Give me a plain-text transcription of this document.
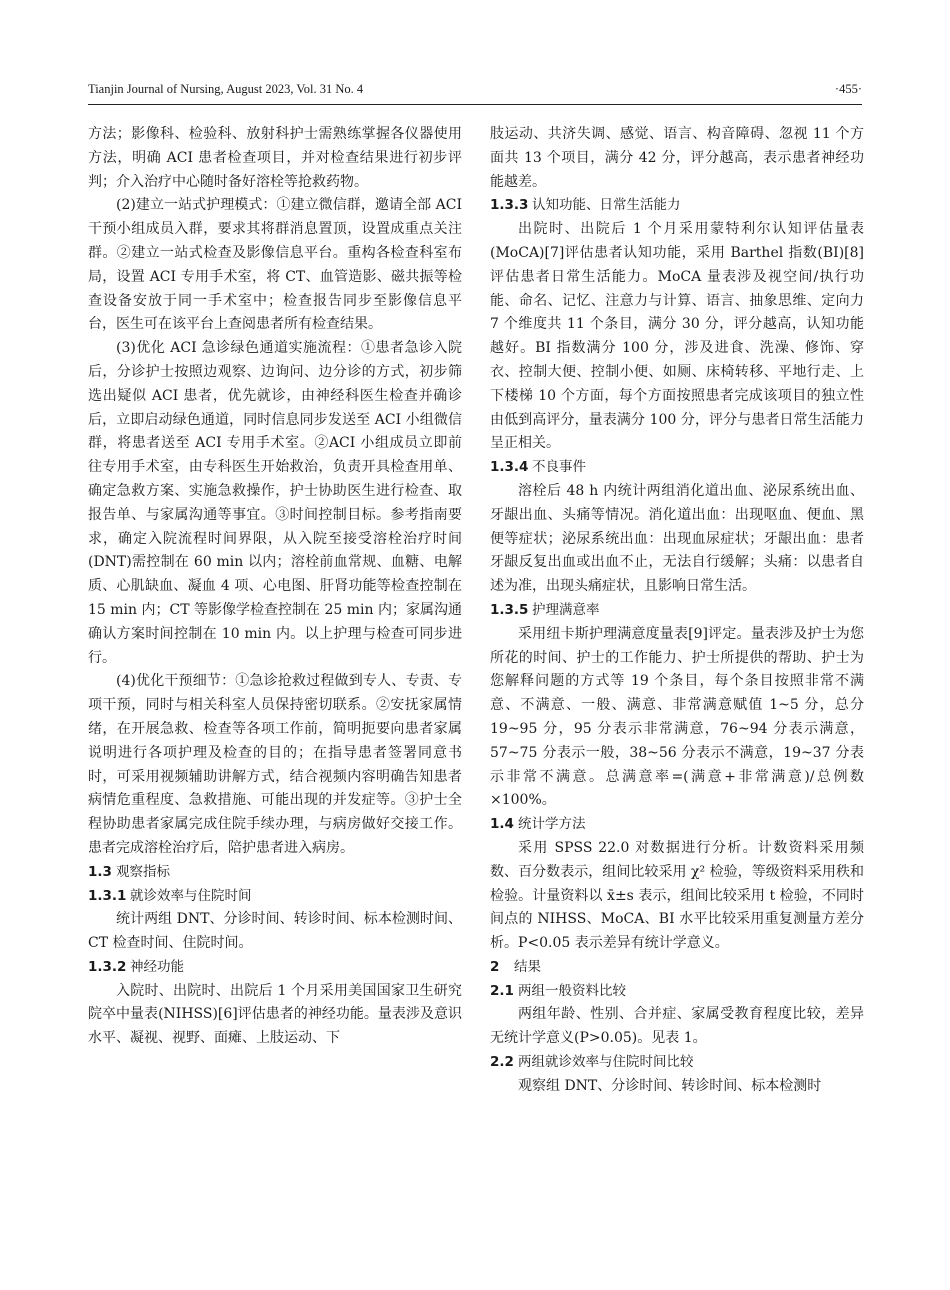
Tianjin Journal of Nursing, August 2023, Vol. 31 No. 4	·455·

方法；影像科、检验科、放射科护士需熟练掌握各仪器使用方法，明确 ACI 患者检查项目，并对检查结果进行初步评判；介入治疗中心随时备好溶栓等抢救药物。

(2)建立一站式护理模式：①建立微信群，邀请全部 ACI 干预小组成员入群，要求其将群消息置顶，设置成重点关注群。②建立一站式检查及影像信息平台。重构各检查科室布局，设置 ACI 专用手术室，将 CT、血管造影、磁共振等检查设备安放于同一手术室中；检查报告同步至影像信息平台，医生可在该平台上查阅患者所有检查结果。

(3)优化 ACI 急诊绿色通道实施流程：①患者急诊入院后，分诊护士按照边观察、边询问、边分诊的方式，初步筛选出疑似 ACI 患者，优先就诊，由神经科医生检查并确诊后，立即启动绿色通道，同时信息同步发送至 ACI 小组微信群，将患者送至 ACI 专用手术室。②ACI 小组成员立即前往专用手术室，由专科医生开始救治，负责开具检查用单、确定急救方案、实施急救操作，护士协助医生进行检查、取报告单、与家属沟通等事宜。③时间控制目标。参考指南要求，确定入院流程时间界限，从入院至接受溶栓治疗时间(DNT)需控制在 60 min 以内；溶栓前血常规、血糖、电解质、心肌缺血、凝血 4 项、心电图、肝肾功能等检查控制在 15 min 内；CT 等影像学检查控制在 25 min 内；家属沟通确认方案时间控制在 10 min 内。以上护理与检查可同步进行。

(4)优化干预细节：①急诊抢救过程做到专人、专责、专项干预，同时与相关科室人员保持密切联系。②安抚家属情绪，在开展急救、检查等各项工作前，简明扼要向患者家属说明进行各项护理及检查的目的；在指导患者签署同意书时，可采用视频辅助讲解方式，结合视频内容明确告知患者病情危重程度、急救措施、可能出现的并发症等。③护士全程协助患者家属完成住院手续办理，与病房做好交接工作。患者完成溶栓治疗后，陪护患者进入病房。

1.3 观察指标
1.3.1 就诊效率与住院时间

统计两组 DNT、分诊时间、转诊时间、标本检测时间、CT 检查时间、住院时间。

1.3.2 神经功能

入院时、出院时、出院后 1 个月采用美国国家卫生研究院卒中量表(NIHSS)[6]评估患者的神经功能。量表涉及意识水平、凝视、视野、面瘫、上肢运动、下

肢运动、共济失调、感觉、语言、构音障碍、忽视 11 个方面共 13 个项目，满分 42 分，评分越高，表示患者神经功能越差。

1.3.3 认知功能、日常生活能力

出院时、出院后 1 个月采用蒙特利尔认知评估量表(MoCA)[7]评估患者认知功能，采用 Barthel 指数(BI)[8]评估患者日常生活能力。MoCA 量表涉及视空间/执行功能、命名、记忆、注意力与计算、语言、抽象思维、定向力 7 个维度共 11 个条目，满分 30 分，评分越高，认知功能越好。BI 指数满分 100 分，涉及进食、洗澡、修饰、穿衣、控制大便、控制小便、如厕、床椅转移、平地行走、上下楼梯 10 个方面，每个方面按照患者完成该项目的独立性由低到高评分，量表满分 100 分，评分与患者日常生活能力呈正相关。

1.3.4 不良事件

溶栓后 48 h 内统计两组消化道出血、泌尿系统出血、牙龈出血、头痛等情况。消化道出血：出现呕血、便血、黑便等症状；泌尿系统出血：出现血尿症状；牙龈出血：患者牙龈反复出血或出血不止，无法自行缓解；头痛：以患者自述为准，出现头痛症状，且影响日常生活。

1.3.5 护理满意率

采用纽卡斯护理满意度量表[9]评定。量表涉及护士为您所花的时间、护士的工作能力、护士所提供的帮助、护士为您解释问题的方式等 19 个条目，每个条目按照非常不满意、不满意、一般、满意、非常满意赋值 1~5 分，总分 19~95 分，95 分表示非常满意，76~94 分表示满意，57~75 分表示一般，38~56 分表示不满意，19~37 分表示非常不满意。总满意率=(满意+非常满意)/总例数×100%。

1.4 统计学方法

采用 SPSS 22.0 对数据进行分析。计数资料采用频数、百分数表示，组间比较采用 χ² 检验，等级资料采用秩和检验。计量资料以 x̄±s 表示，组间比较采用 t 检验，不同时间点的 NIHSS、MoCA、BI 水平比较采用重复测量方差分析。P<0.05 表示差异有统计学意义。

2 结果
2.1 两组一般资料比较

两组年龄、性别、合并症、家属受教育程度比较，差异无统计学意义(P>0.05)。见表 1。

2.2 两组就诊效率与住院时间比较

观察组 DNT、分诊时间、转诊时间、标本检测时
